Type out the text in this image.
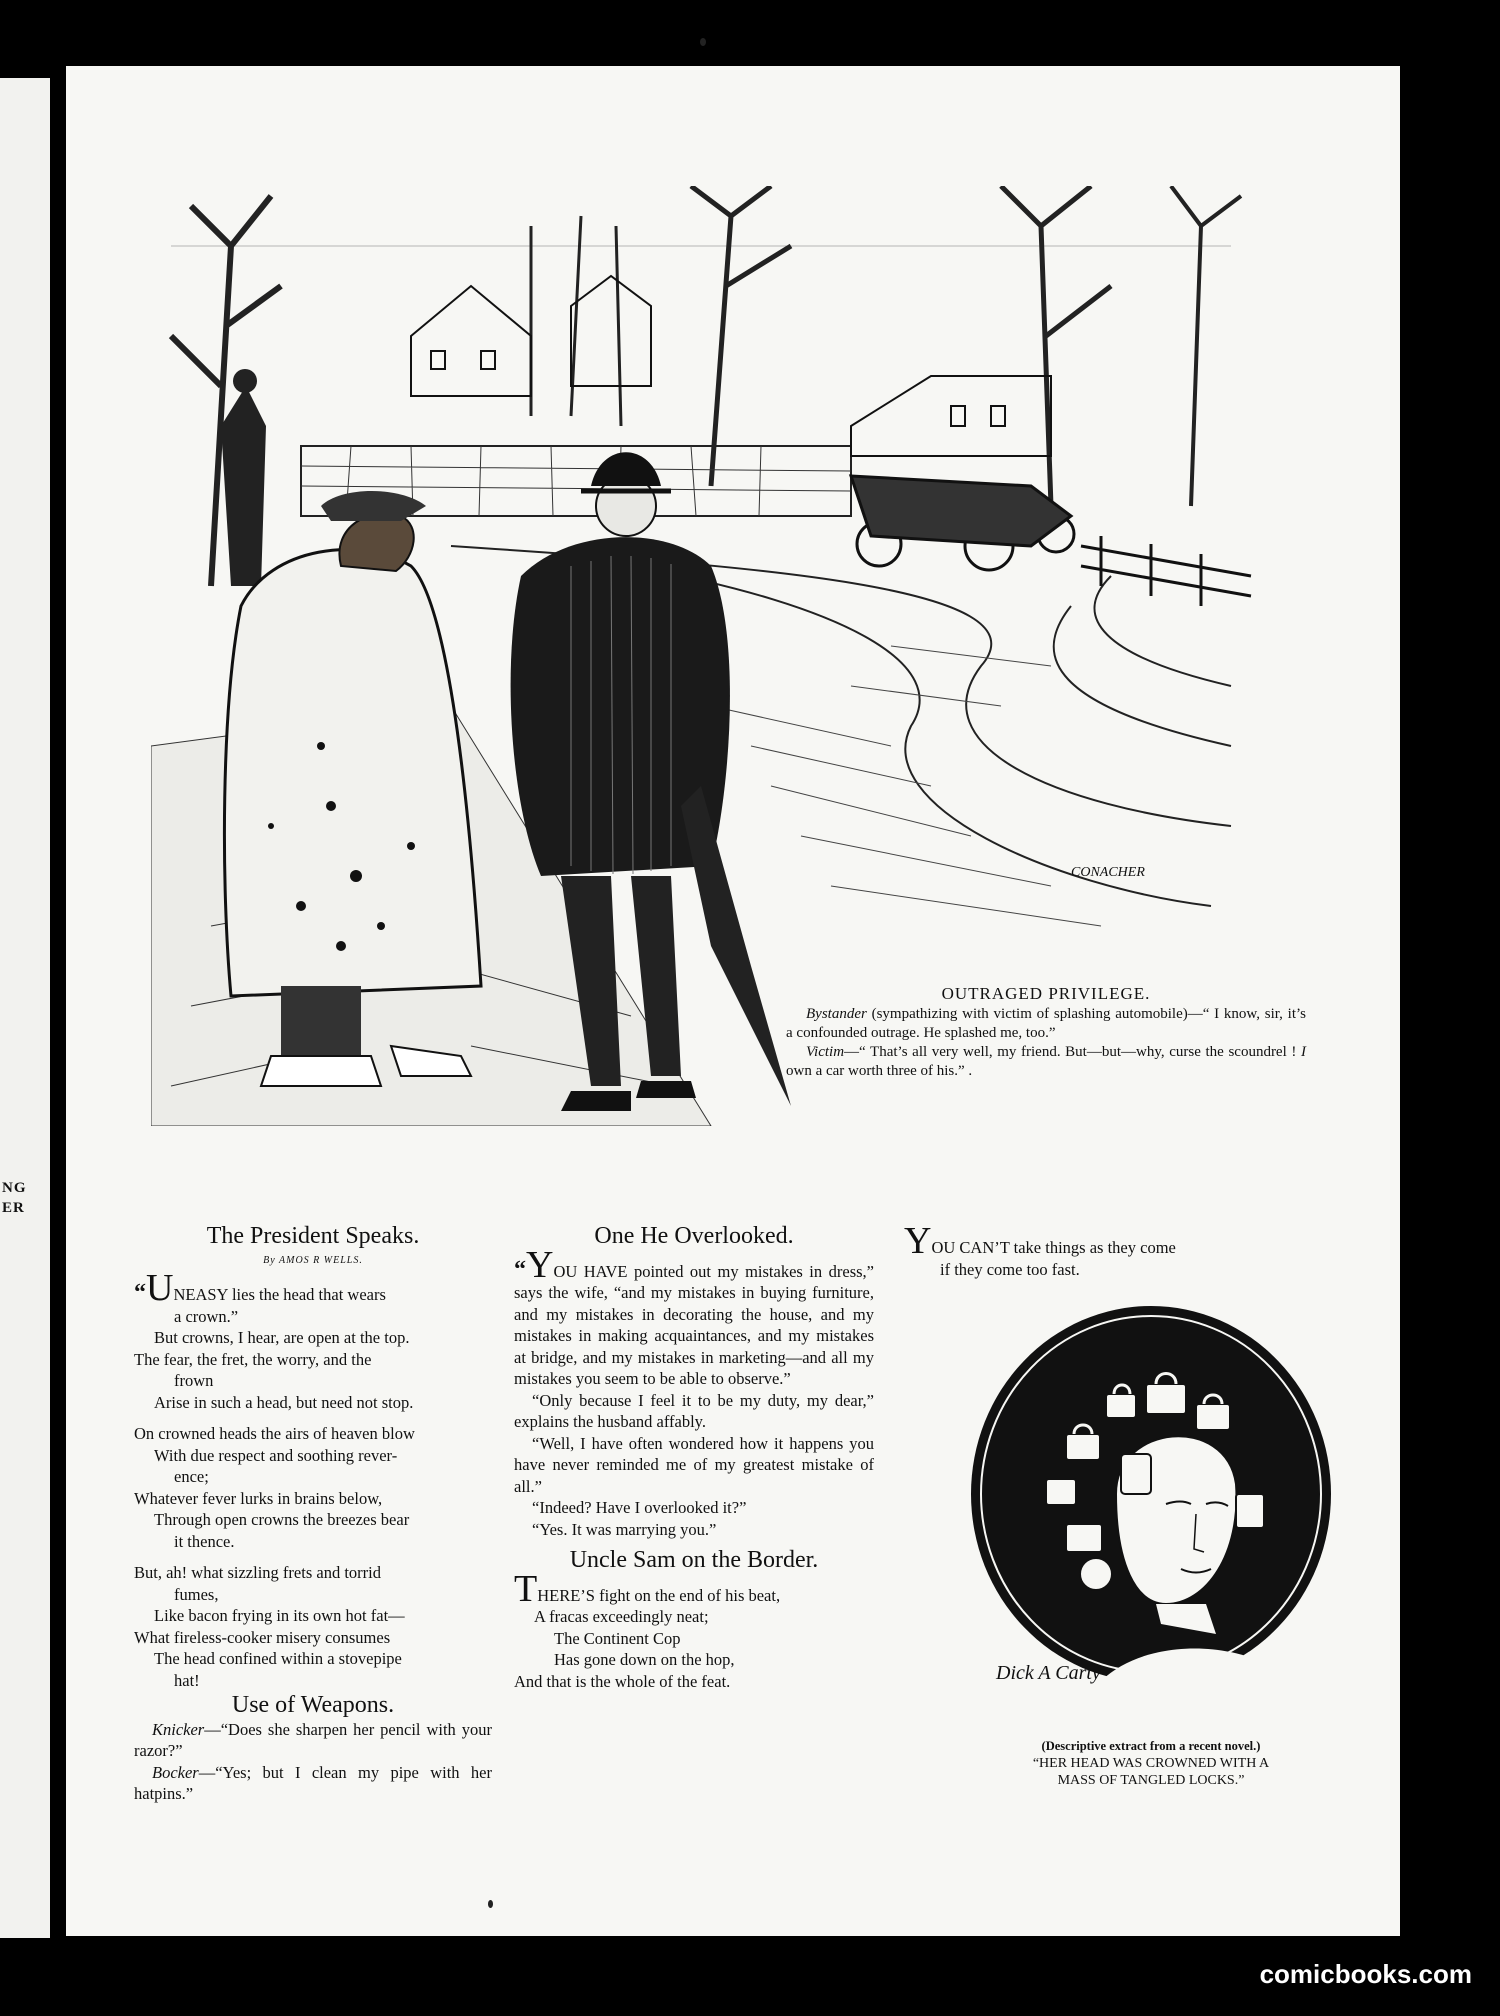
NG
ER
CONACHER
OUTRAGED PRIVILEGE.

Bystander (sympathizing with victim of splashing automobile)—“ I know, sir, it’s a confounded outrage. He splashed me, too.”

Victim—“ That’s all very well, my friend. But—but—why, curse the scoundrel ! I own a car worth three of his.” .

The President Speaks.
By AMOS R WELLS.
“UNEASY lies the head that wears
a crown.”
But crowns, I hear, are open at the top.
The fear, the fret, the worry, and the
frown
Arise in such a head, but need not stop.
On crowned heads the airs of heaven blow
With due respect and soothing rever-
ence;
Whatever fever lurks in brains below,
Through open crowns the breezes bear
it thence.
But, ah! what sizzling frets and torrid
fumes,
Like bacon frying in its own hot fat—
What fireless-cooker misery consumes
The head confined within a stovepipe
hat!
Use of Weapons.

Knicker—“Does she sharpen her pencil with your razor?”

Bocker—“Yes; but I clean my pipe with her hatpins.”

One He Overlooked.

“YOU HAVE pointed out my mistakes in dress,” says the wife, “and my mistakes in buying furniture, and my mistakes in decorating the house, and my mistakes in making acquaintances, and my mistakes at bridge, and my mistakes in marketing—and all my mistakes you seem to be able to observe.”

“Only because I feel it to be my duty, my dear,” explains the husband affably.

“Well, I have often wondered how it happens you have never reminded me of my greatest mistake of all.”

“Indeed? Have I overlooked it?”

“Yes. It was marrying you.”

Uncle Sam on the Border.
THERE’S fight on the end of his beat,
A fracas exceedingly neat;
The Continent Cop
Has gone down on the hop,
And that is the whole of the feat.
YOU CAN’T take things as they come
if they come too fast.
Dick A Carty
(Descriptive extract from a recent novel.)
“HER HEAD WAS CROWNED WITH A
MASS OF TANGLED LOCKS.”
comicbooks.com
